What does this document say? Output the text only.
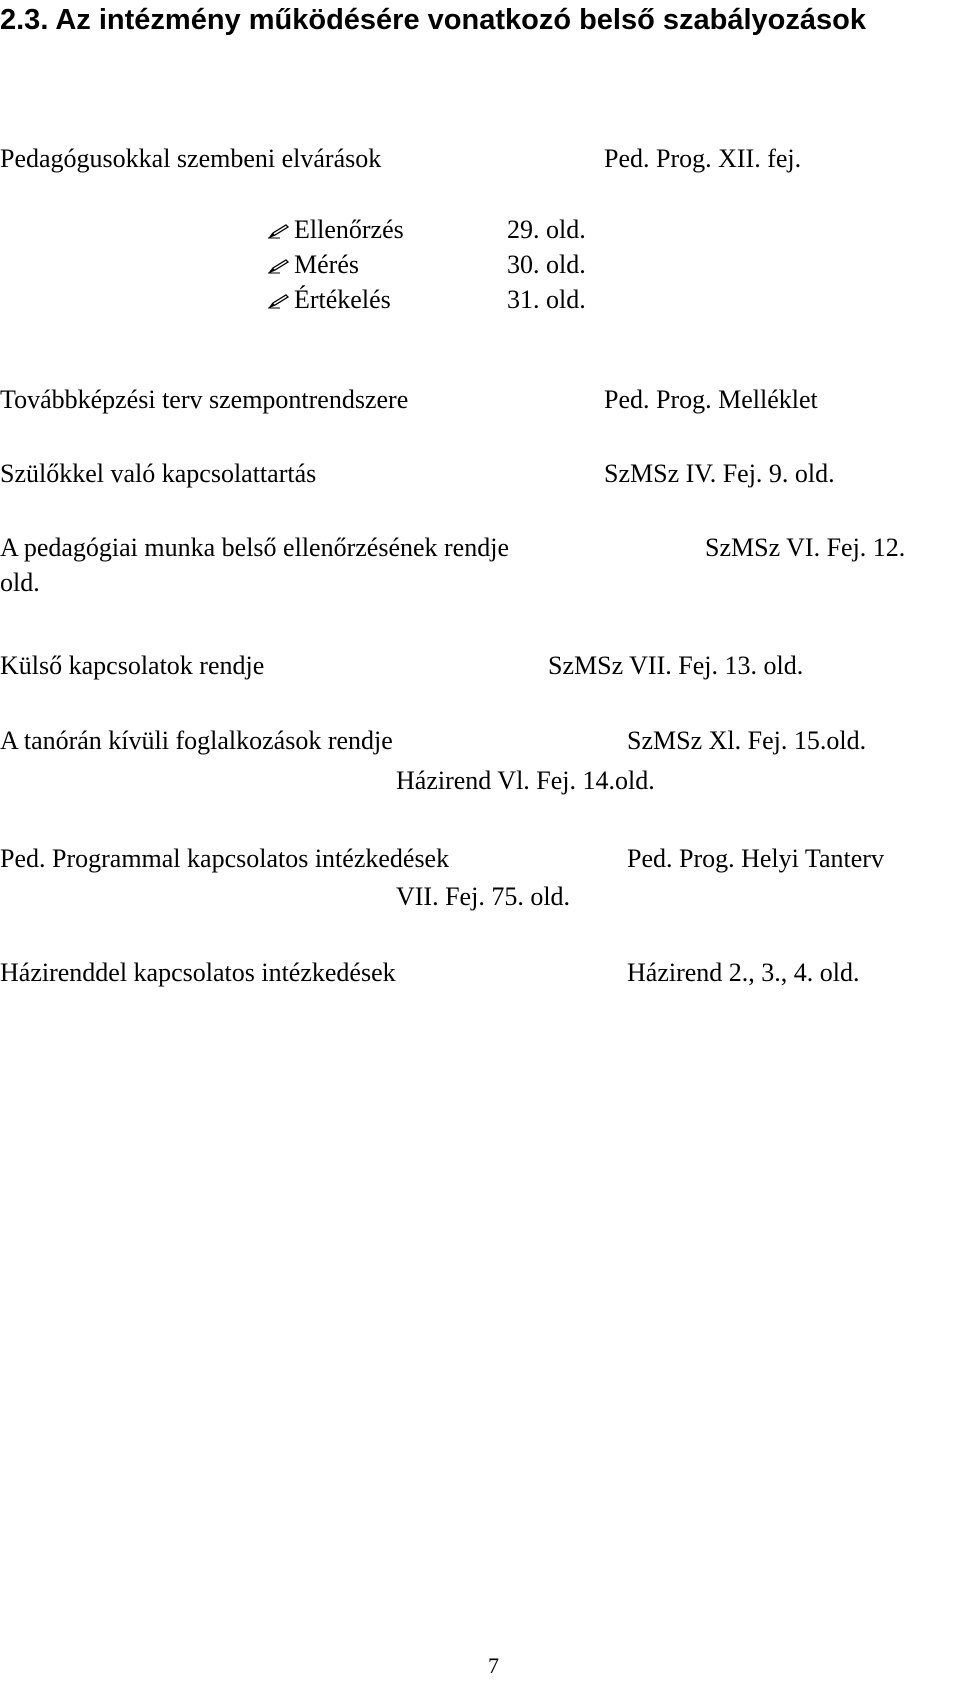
2.3. Az intézmény működésére vonatkozó belső szabályozások
Pedagógusokkal szembeni elvárások	Ped. Prog. XII. fej.
Ellenőrzés	29. old.
Mérés	30. old.
Értékelés	31. old.
Továbbképzési terv szempontrendszere	Ped. Prog. Melléklet
Szülőkkel való kapcsolattartás	SzMSz IV. Fej. 9. old.
A pedagógiai munka belső ellenőrzésének rendje	SzMSz VI. Fej. 12.
old.
Külső kapcsolatok rendje	SzMSz VII. Fej. 13. old.
A tanórán kívüli foglalkozások rendje	SzMSz Xl. Fej. 15.old.
Házirend Vl. Fej. 14.old.
Ped. Programmal kapcsolatos intézkedések	Ped. Prog. Helyi Tanterv
VII. Fej. 75. old.
Házirenddel kapcsolatos intézkedések	Házirend 2., 3., 4. old.
7
